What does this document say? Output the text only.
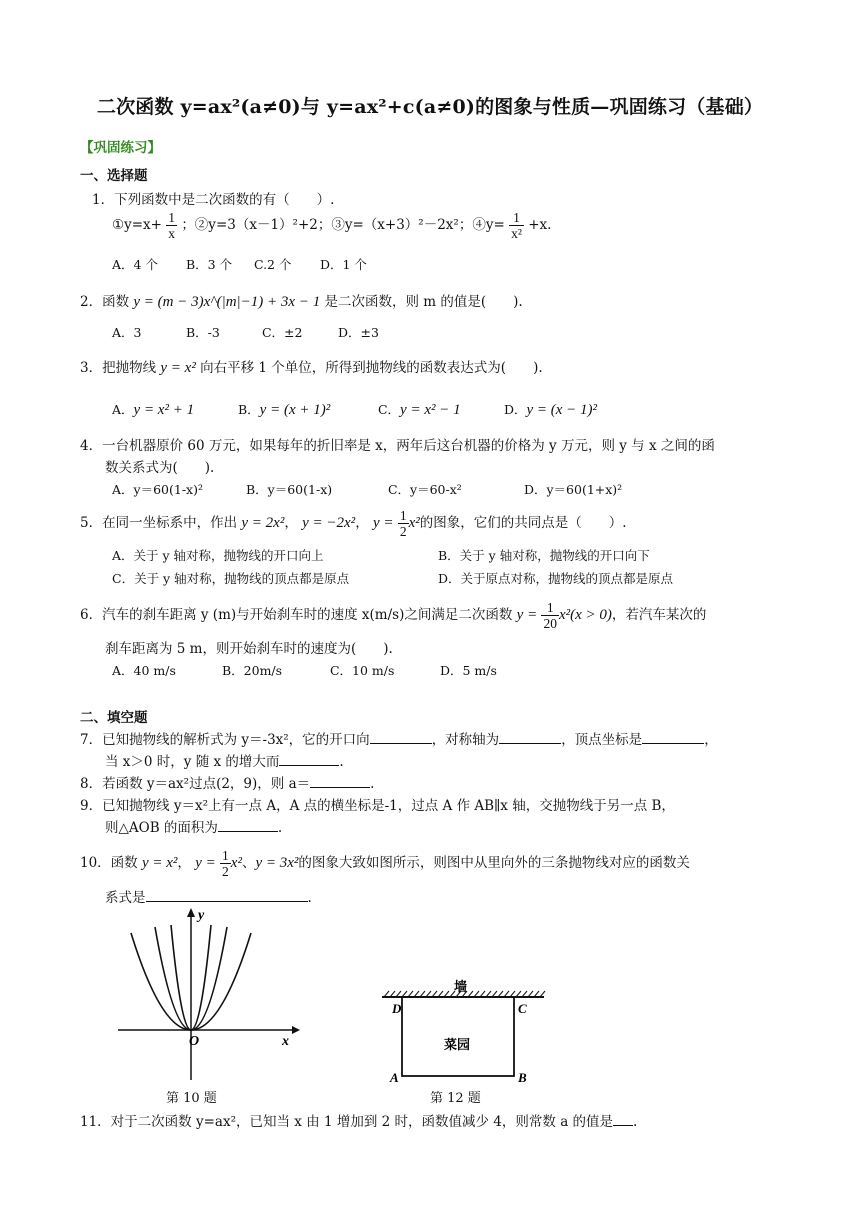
二次函数 y=ax²(a≠0)与 y=ax²+c(a≠0)的图象与性质—巩固练习（基础）
【巩固练习】
一、选择题
1．下列函数中是二次函数的有（　　）.
①y=x+ $\frac{1}{x}$ ；②y=3（x－1）²+2；③y=（x+3）²－2x²；④y= $\frac{1}{\text{x²}} +x$.
A．4 个 B．3 个 C.2 个 D．1 个
2．函数 y = (m − 3)x^(|m|−1) + 3x − 1 是二次函数，则 m 的值是(　　).
A．3	B．-3	C．±2	D．±3
3．把抛物线 y = x² 向右平移 1 个单位，所得到抛物线的函数表达式为(　　).
A．y = x² + 1	B．y = (x + 1)²	C．y = x² − 1	D．y = (x − 1)²
4．一台机器原价 60 万元，如果每年的折旧率是 x，两年后这台机器的价格为 y 万元，则 y 与 x 之间的函
数关系式为(　　).
A．y＝60(1-x)²	B．y＝60(1-x)	C．y＝60-x²	D．y＝60(1+x)²
5．在同一坐标系中，作出 y = 2x²， y = −2x²， $y = \frac{1}{2} x^2$的图象，它们的共同点是（　　）.
A．关于 y 轴对称，抛物线的开口向上	B．关于 y 轴对称，抛物线的开口向下
C．关于 y 轴对称，抛物线的顶点都是原点	D．关于原点对称，抛物线的顶点都是原点
6．汽车的刹车距离 y (m)与开始刹车时的速度 x(m/s)之间满足二次函数 $y = \frac{1}{20} x^2(x > 0)$，若汽车某次的
刹车距离为 5 m，则开始刹车时的速度为(　　).
A．40 m/s	B．20m/s	C．10 m/s	D．5 m/s
二、填空题
7．已知抛物线的解析式为 y＝-3x²，它的开口向	，对称轴为	，顶点坐标是	，
当 x＞0 时，y 随 x 的增大而	.
8．若函数 y＝ax²过点(2，9)，则 a＝	.
9．已知抛物线 y＝x²上有一点 A，A 点的横坐标是-1，过点 A 作 AB∥x 轴，交抛物线于另一点 B，
则△AOB 的面积为	.
10．函数 y = x²， $y = \frac{1}{2} x^2$、y = 3x²的图象大致如图所示，则图中从里向外的三条抛物线对应的函数关
系式是	.
x
y
O
第 10 题
墙
菜园
D	C
A	B
第 12 题
11．对于二次函数 y=ax²，已知当 x 由 1 增加到 2 时，函数值减少 4，则常数 a 的值是 .
